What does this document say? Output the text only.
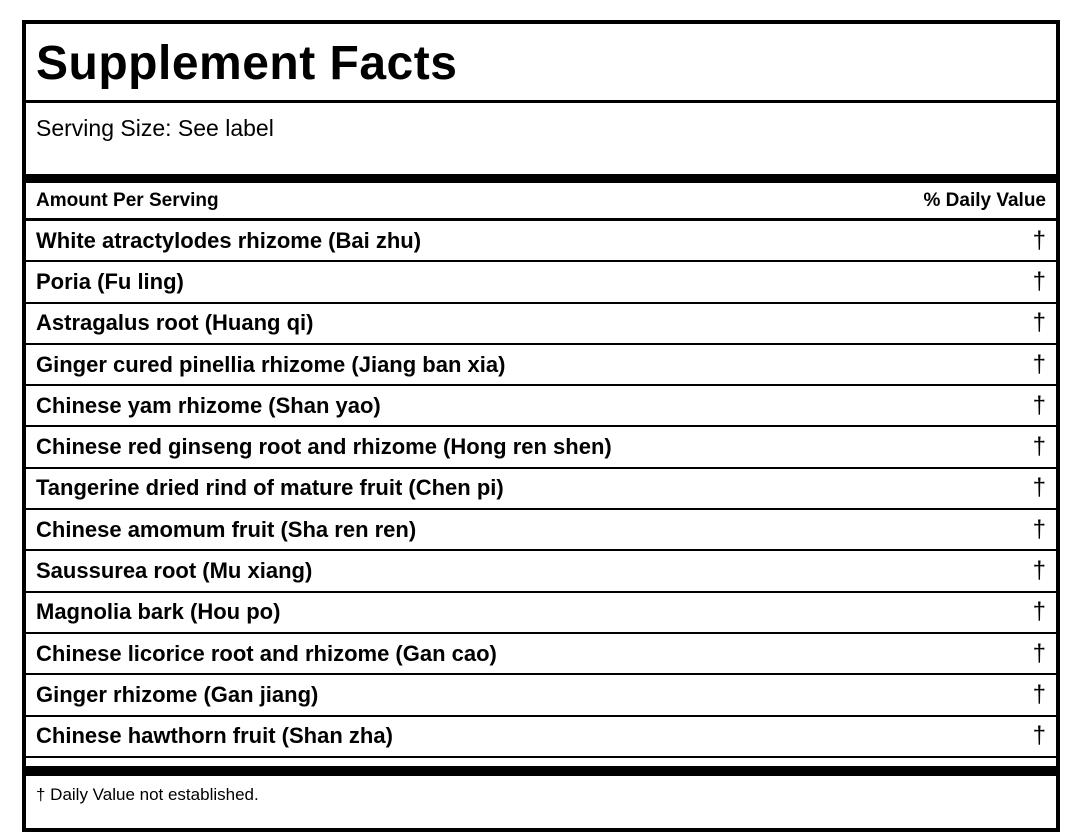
Supplement Facts
Serving Size: See label
Amount Per Serving	% Daily Value
White atractylodes rhizome (Bai zhu)	†
Poria (Fu ling)	†
Astragalus root (Huang qi)	†
Ginger cured pinellia rhizome (Jiang ban xia)	†
Chinese yam rhizome (Shan yao)	†
Chinese red ginseng root and rhizome (Hong ren shen)	†
Tangerine dried rind of mature fruit (Chen pi)	†
Chinese amomum fruit (Sha ren ren)	†
Saussurea root (Mu xiang)	†
Magnolia bark (Hou po)	†
Chinese licorice root and rhizome (Gan cao)	†
Ginger rhizome (Gan jiang)	†
Chinese hawthorn fruit (Shan zha)	†
† Daily Value not established.
